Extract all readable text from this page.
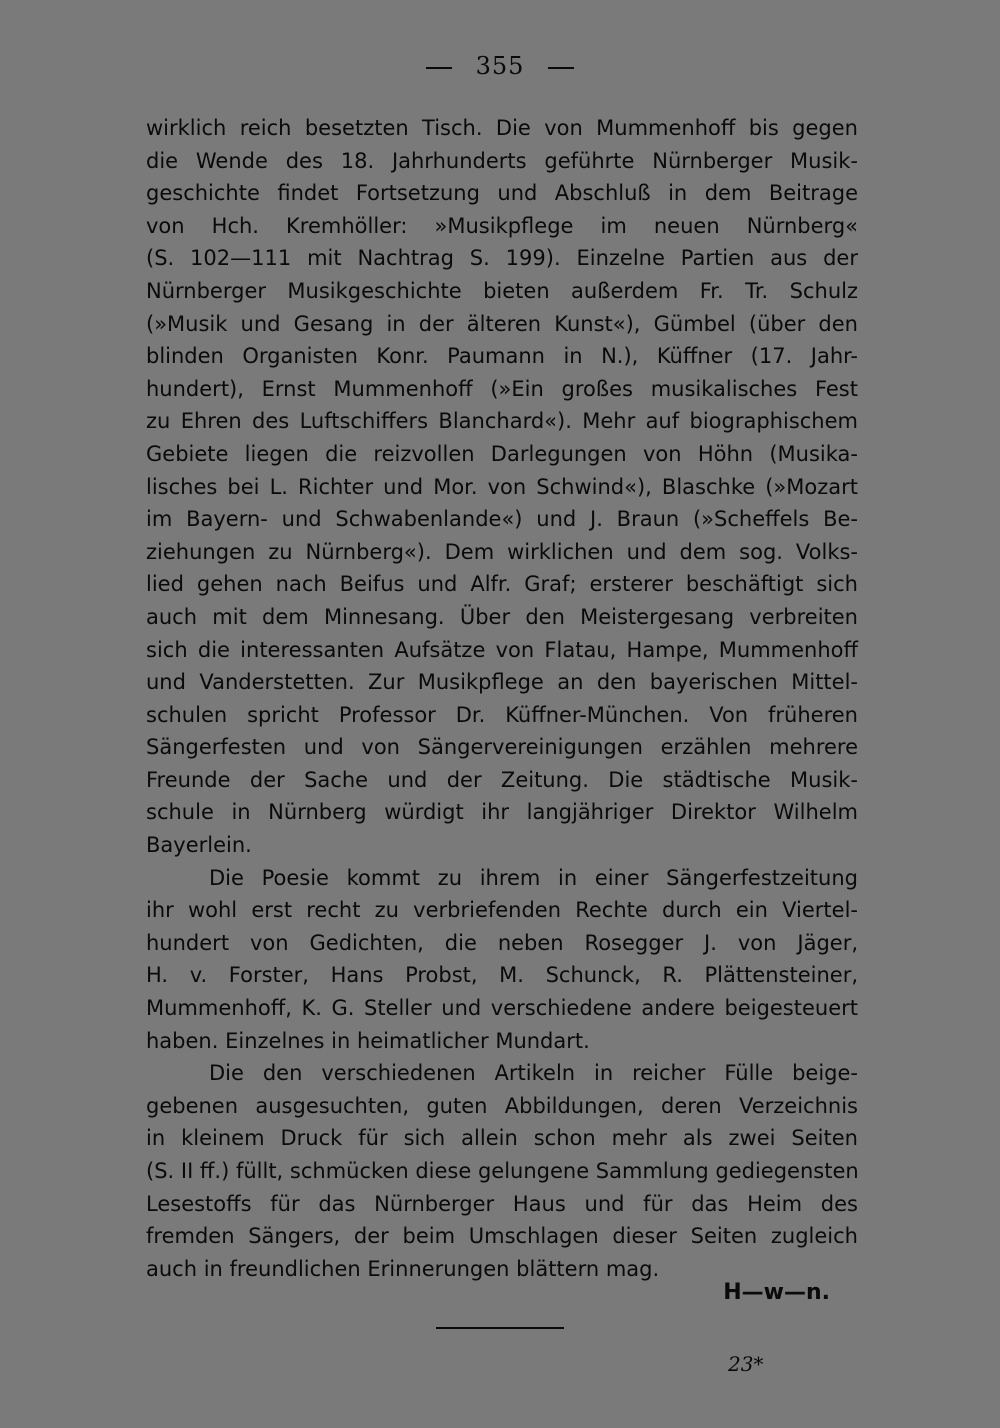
355
wirklich reich besetzten Tisch. Die von Mummenhoff bis gegen
die Wende des 18. Jahrhunderts geführte Nürnberger Musik-
geschichte findet Fortsetzung und Abschluß in dem Beitrage
von Hch. Kremhöller: »Musikpflege im neuen Nürnberg«
(S. 102—111 mit Nachtrag S. 199). Einzelne Partien aus der
Nürnberger Musikgeschichte bieten außerdem Fr. Tr. Schulz
(»Musik und Gesang in der älteren Kunst«), Gümbel (über den
blinden Organisten Konr. Paumann in N.), Küffner (17. Jahr-
hundert), Ernst Mummenhoff (»Ein großes musikalisches Fest
zu Ehren des Luftschiffers Blanchard«). Mehr auf biographischem
Gebiete liegen die reizvollen Darlegungen von Höhn (Musika-
lisches bei L. Richter und Mor. von Schwind«), Blaschke (»Mozart
im Bayern- und Schwabenlande«) und J. Braun (»Scheffels Be-
ziehungen zu Nürnberg«). Dem wirklichen und dem sog. Volks-
lied gehen nach Beifus und Alfr. Graf; ersterer beschäftigt sich
auch mit dem Minnesang. Über den Meistergesang verbreiten
sich die interessanten Aufsätze von Flatau, Hampe, Mummenhoff
und Vanderstetten. Zur Musikpflege an den bayerischen Mittel-
schulen spricht Professor Dr. Küffner-München. Von früheren
Sängerfesten und von Sängervereinigungen erzählen mehrere
Freunde der Sache und der Zeitung. Die städtische Musik-
schule in Nürnberg würdigt ihr langjähriger Direktor Wilhelm
Bayerlein.
Die Poesie kommt zu ihrem in einer Sängerfestzeitung
ihr wohl erst recht zu verbriefenden Rechte durch ein Viertel-
hundert von Gedichten, die neben Rosegger J. von Jäger,
H. v. Forster, Hans Probst, M. Schunck, R. Plättensteiner,
Mummenhoff, K. G. Steller und verschiedene andere beigesteuert
haben. Einzelnes in heimatlicher Mundart.
Die den verschiedenen Artikeln in reicher Fülle beige-
gebenen ausgesuchten, guten Abbildungen, deren Verzeichnis
in kleinem Druck für sich allein schon mehr als zwei Seiten
(S. II ff.) füllt, schmücken diese gelungene Sammlung gediegensten
Lesestoffs für das Nürnberger Haus und für das Heim des
fremden Sängers, der beim Umschlagen dieser Seiten zugleich
auch in freundlichen Erinnerungen blättern mag.
H—w—n.
23*
